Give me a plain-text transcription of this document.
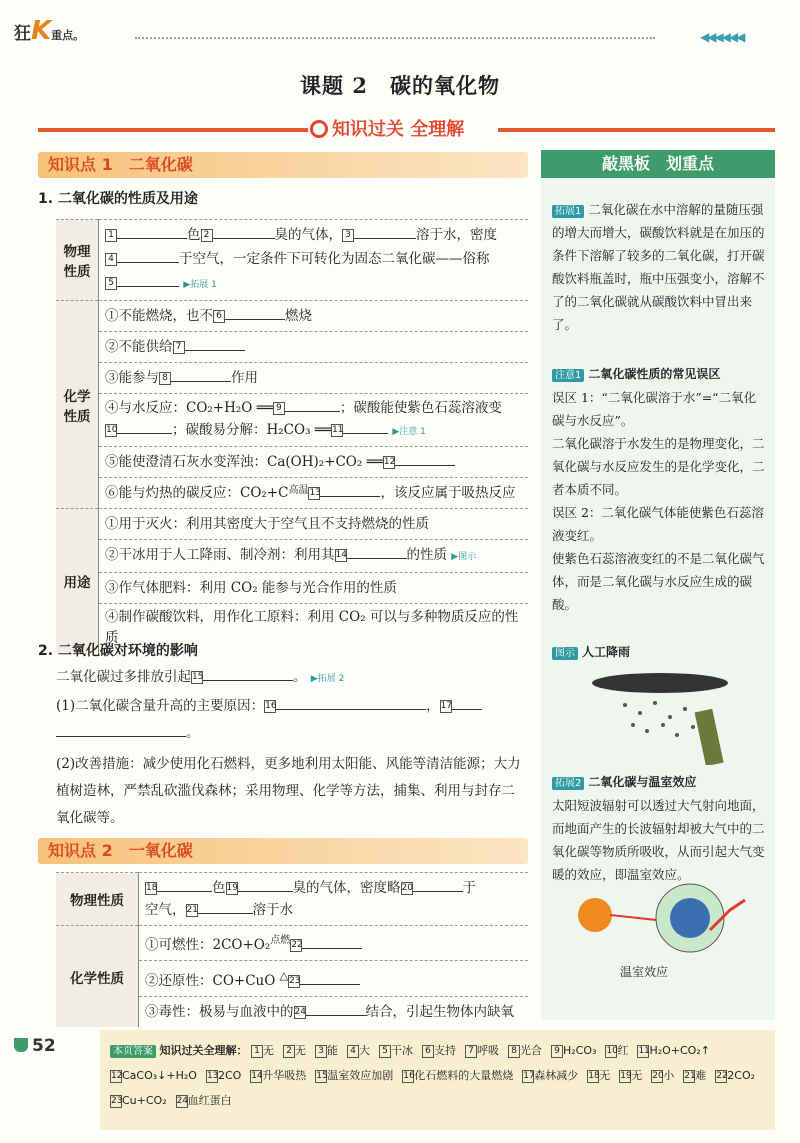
狂K重点。	◀◀◀◀◀◀
课题 2　碳的氧化物
知识过关 全理解
知识点 1　二氧化碳
1. 二氧化碳的性质及用途
物理性质	1 色 2 臭的气体， 3 溶于水，密度
4 于空气，一定条件下可转化为固态二氧化碳——俗称
5 ▶拓展 1
化学性质	①不能燃烧，也不 6 燃烧
	②不能供给 7
	③能参与 8 作用
	④与水反应：CO₂+H₂O ══ 9 ；碳酸能使紫色石蕊溶液变
10 ；碳酸易分解：H₂CO₃ ══11 ▶注意 1
	⑤能使澄清石灰水变浑浊：Ca(OH)₂+CO₂ ══12
	⑥能与灼热的碳反应：CO₂+C高温13 ，该反应属于吸热反应
用途	①用于灭火：利用其密度大于空气且不支持燃烧的性质
	②干冰用于人工降雨、制冷剂：利用其14 的性质 ▶图示
	③作气体肥料：利用 CO₂ 能参与光合作用的性质
	④制作碳酸饮料，用作化工原料：利用 CO₂ 可以与多种物质反应的性质
2. 二氧化碳对环境的影响
二氧化碳过多排放引起15	。 ▶拓展 2
(1)二氧化碳含量升高的主要原因：16	，17
。
(2)改善措施：减少使用化石燃料，更多地利用太阳能、风能等清洁能源；大力植树造林，严禁乱砍滥伐森林；采用物理、化学等方法，捕集、利用与封存二氧化碳等。
知识点 2　一氧化碳
物理性质	18 色19 臭的气体，密度略20 于
空气，21 溶于水
化学性质	①可燃性：2CO+O₂$^{点燃}$22
	②还原性：CO+CuO △23
	③毒性：极易与血液中的24 结合，引起生物体内缺氧
敲黑板　划重点
拓展1 二氧化碳在水中溶解的量随压强的增大而增大，碳酸饮料就是在加压的条件下溶解了较多的二氧化碳，打开碳酸饮料瓶盖时，瓶中压强变小，溶解不了的二氧化碳就从碳酸饮料中冒出来了。
注意1 二氧化碳性质的常见误区
误区 1：“二氧化碳溶于水”=“二氧化碳与水反应”。
二氧化碳溶于水发生的是物理变化，二氧化碳与水反应发生的是化学变化，二者本质不同。
误区 2：二氧化碳气体能使紫色石蕊溶液变红。
使紫色石蕊溶液变红的不是二氧化碳气体，而是二氧化碳与水反应生成的碳酸。
图示 人工降雨
拓展2 二氧化碳与温室效应
太阳短波辐射可以透过大气射向地面，而地面产生的长波辐射却被大气中的二氧化碳等物质所吸收，从而引起大气变暖的效应，即温室效应。
温室效应
52	本页答案 知识过关全理解： 1 无 2 无 3 能 4 大 5 干冰 6 支持 7 呼吸 8 光合 9 H₂CO₃ 10红 11H₂O+CO₂↑12CaCO₃↓+H₂O 132CO 14升华吸热 15温室效应加剧 16化石燃料的大量燃烧 17森林减少 18无 19无 20小 21难 222CO₂23Cu+CO₂ 24血红蛋白
